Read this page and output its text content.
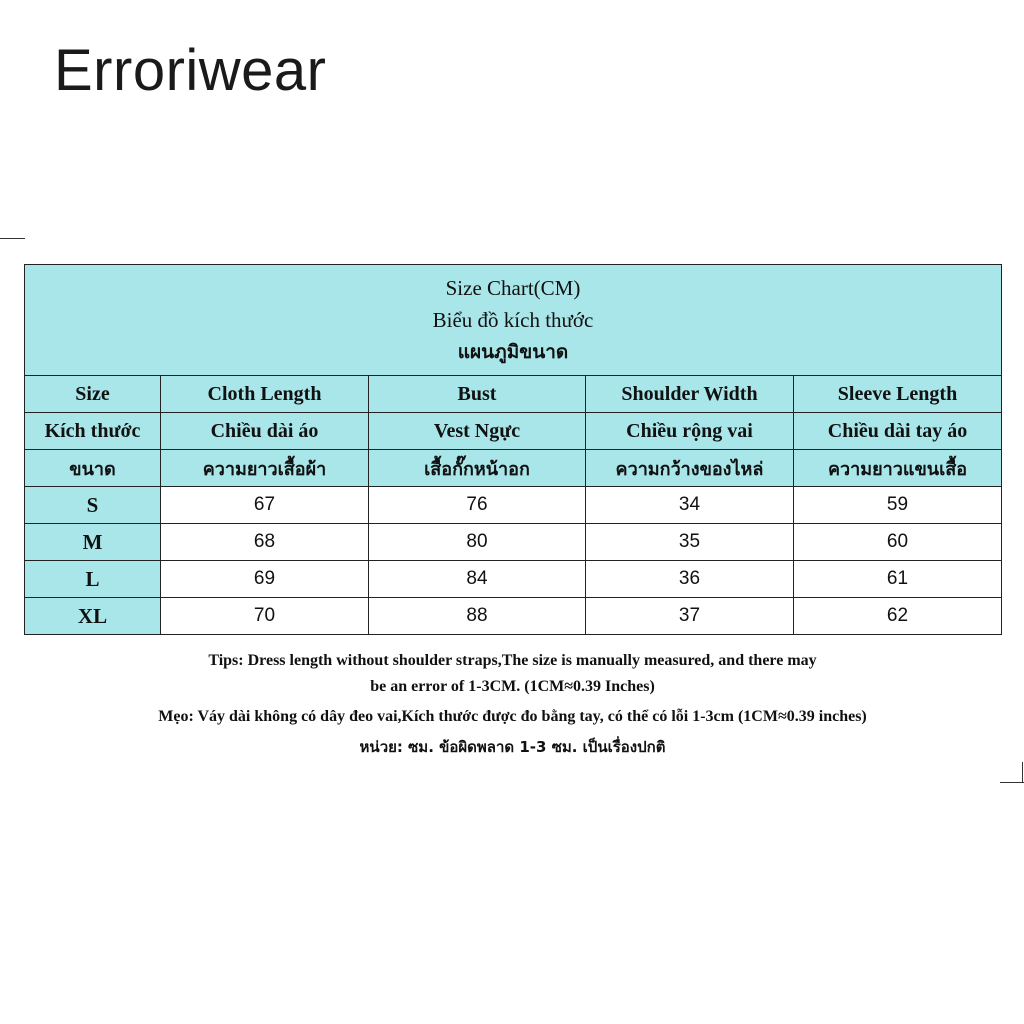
Erroriwear
Size Chart(CM)
Biểu đồ kích thước
แผนภูมิขนาด				

Size	Cloth Length	Bust	Shoulder Width	Sleeve Length
Kích thước	Chiều dài áo	Vest Ngực	Chiều rộng vai	Chiều dài tay áo
ขนาด	ความยาวเสื้อผ้า	เสื้อกั๊กหน้าอก	ความกว้างของไหล่	ความยาวแขนเสื้อ
S	67	76	34	59
M	68	80	35	60
L	69	84	36	61
XL	70	88	37	62
Tips: Dress length without shoulder straps,The size is manually measured, and there may
be an error of 1-3CM. (1CM≈0.39 Inches)
Mẹo: Váy dài không có dây đeo vai,Kích thước được đo bằng tay, có thể có lỗi 1-3cm (1CM≈0.39 inches)
หน่วย: ซม. ข้อผิดพลาด 1-3 ซม. เป็นเรื่องปกติ
